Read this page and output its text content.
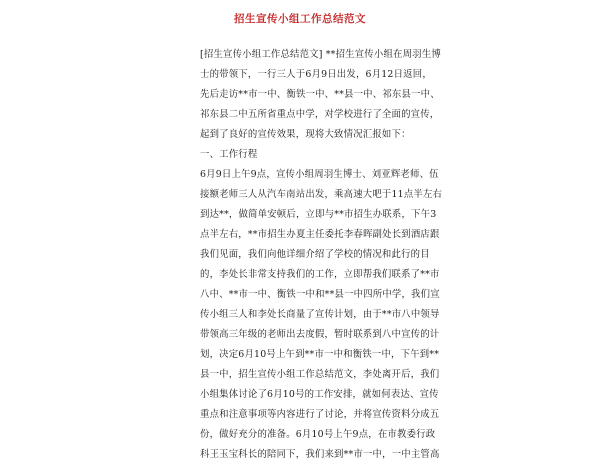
招生宣传小组工作总结范文
[招生宣传小组工作总结范文] **招生宣传小组在周羽生博
士的带领下，一行三人于6月9日出发，6月12日返回，
先后走访**市一中、衡铁一中、**县一中、祁东县一中、
祁东县二中五所省重点中学，对学校进行了全面的宣传，
起到了良好的宣传效果，现将大致情况汇报如下：
一、工作行程
6月9日上午9点，宣传小组周羽生博士、刘亚辉老师、伍
接额老师三人从汽车南站出发，乘高速大吧于11点半左右
到达**，做简单安顿后，立即与**市招生办联系，下午3
点半左右，**市招生办夏主任委托李春晖副处长到酒店跟
我们见面，我们向他详细介绍了学校的情况和此行的目
的，李处长非常支持我们的工作，立即帮我们联系了**市
八中、**市一中、衡铁一中和**县一中四所中学，我们宣
传小组三人和李处长商量了宣传计划，由于**市八中领导
带领高三年级的老师出去度假，暂时联系到八中宣传的计
划，决定6月10号上午到**市一中和衡铁一中，下午到**
县一中，招生宣传小组工作总结范文，李处离开后，我们
小组集体讨论了6月10号的工作安排，就如何表达、宣传
重点和注意事项等内容进行了讨论，并将宣传资料分成五
份，做好充分的准备。6月10号上午9点，在市教委行政
科王玉宝科长的陪同下，我们来到**市一中，一中主管高
